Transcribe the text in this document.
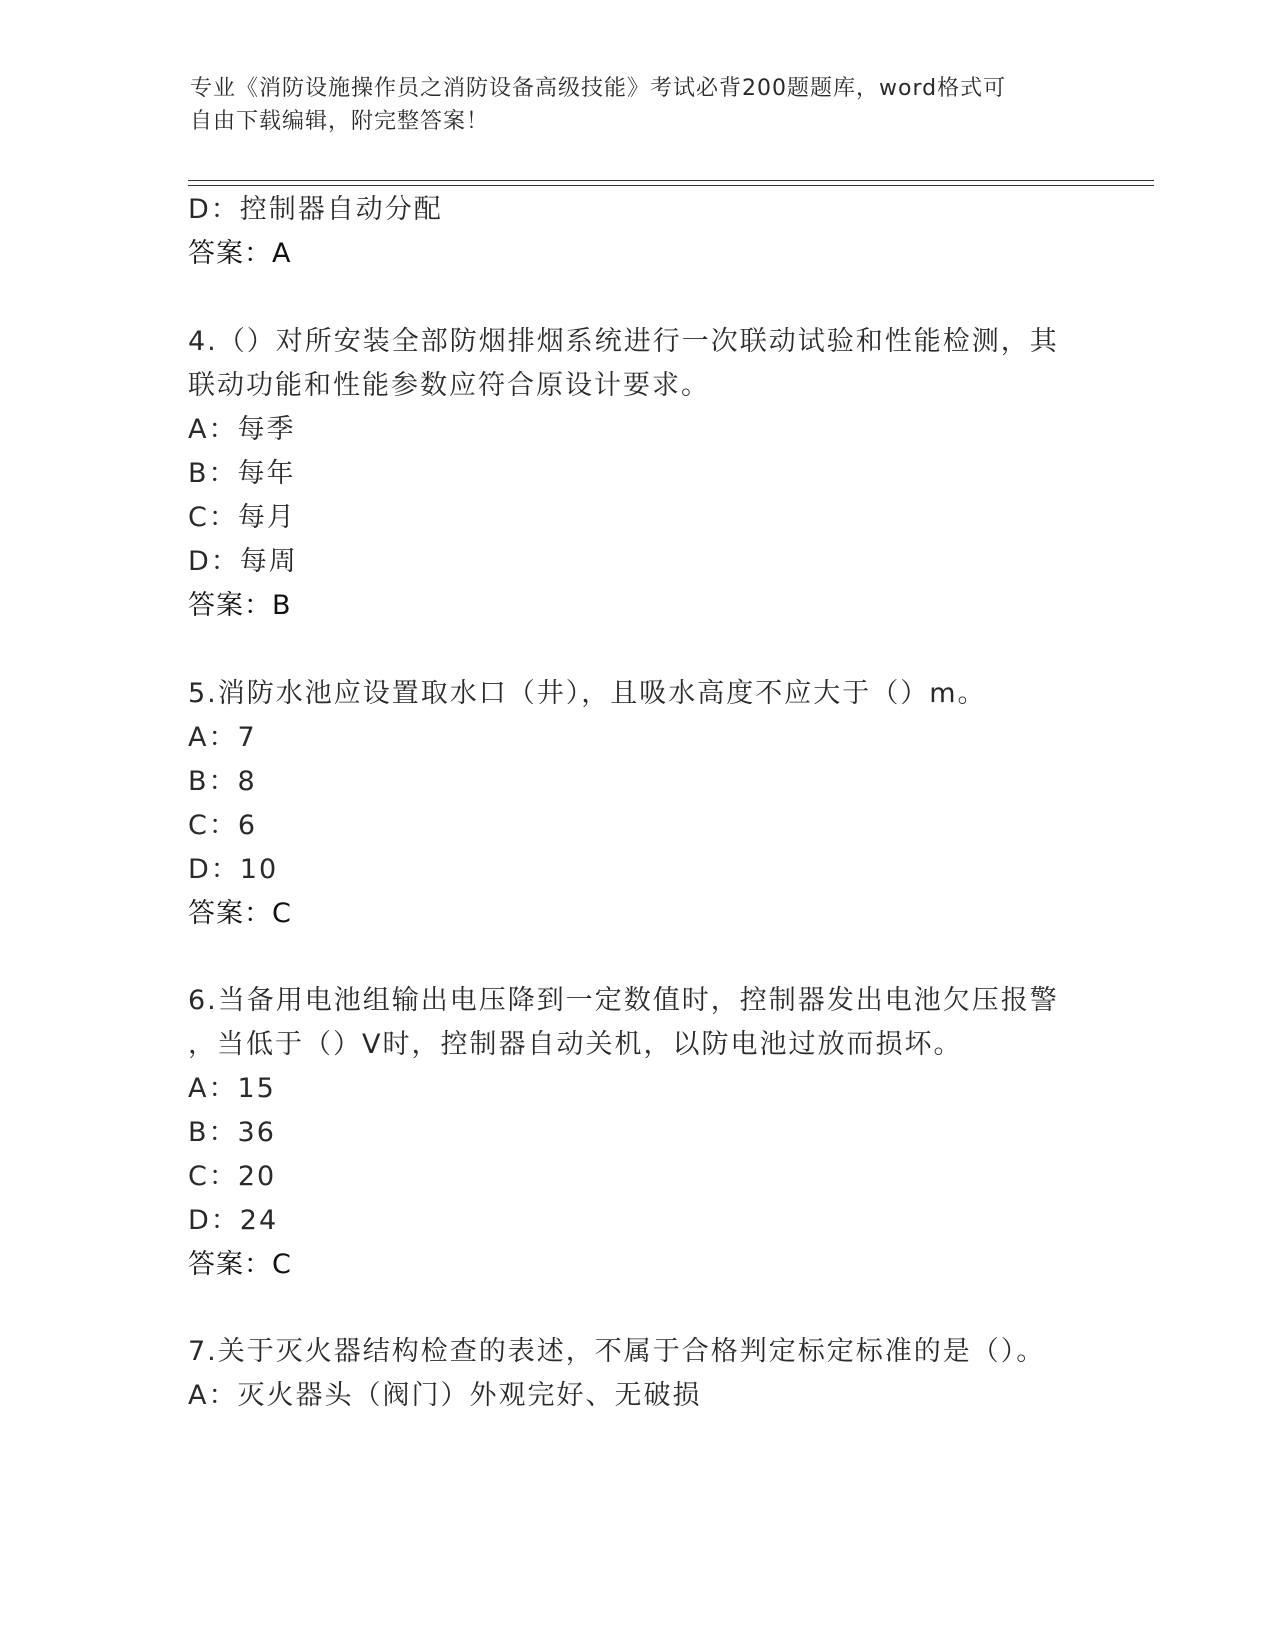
专业《消防设施操作员之消防设备高级技能》考试必背200题题库，word格式可
自由下载编辑，附完整答案！
D：控制器自动分配
答案：A
4.（）对所安装全部防烟排烟系统进行一次联动试验和性能检测，其
联动功能和性能参数应符合原设计要求。
A：每季
B：每年
C：每月
D：每周
答案：B
5.消防水池应设置取水口（井），且吸水高度不应大于（）m。
A：7
B：8
C：6
D：10
答案：C
6.当备用电池组输出电压降到一定数值时，控制器发出电池欠压报警
，当低于（）V时，控制器自动关机，以防电池过放而损坏。
A：15
B：36
C：20
D：24
答案：C
7.关于灭火器结构检查的表述，不属于合格判定标定标准的是（）。
A：灭火器头（阀门）外观完好、无破损
